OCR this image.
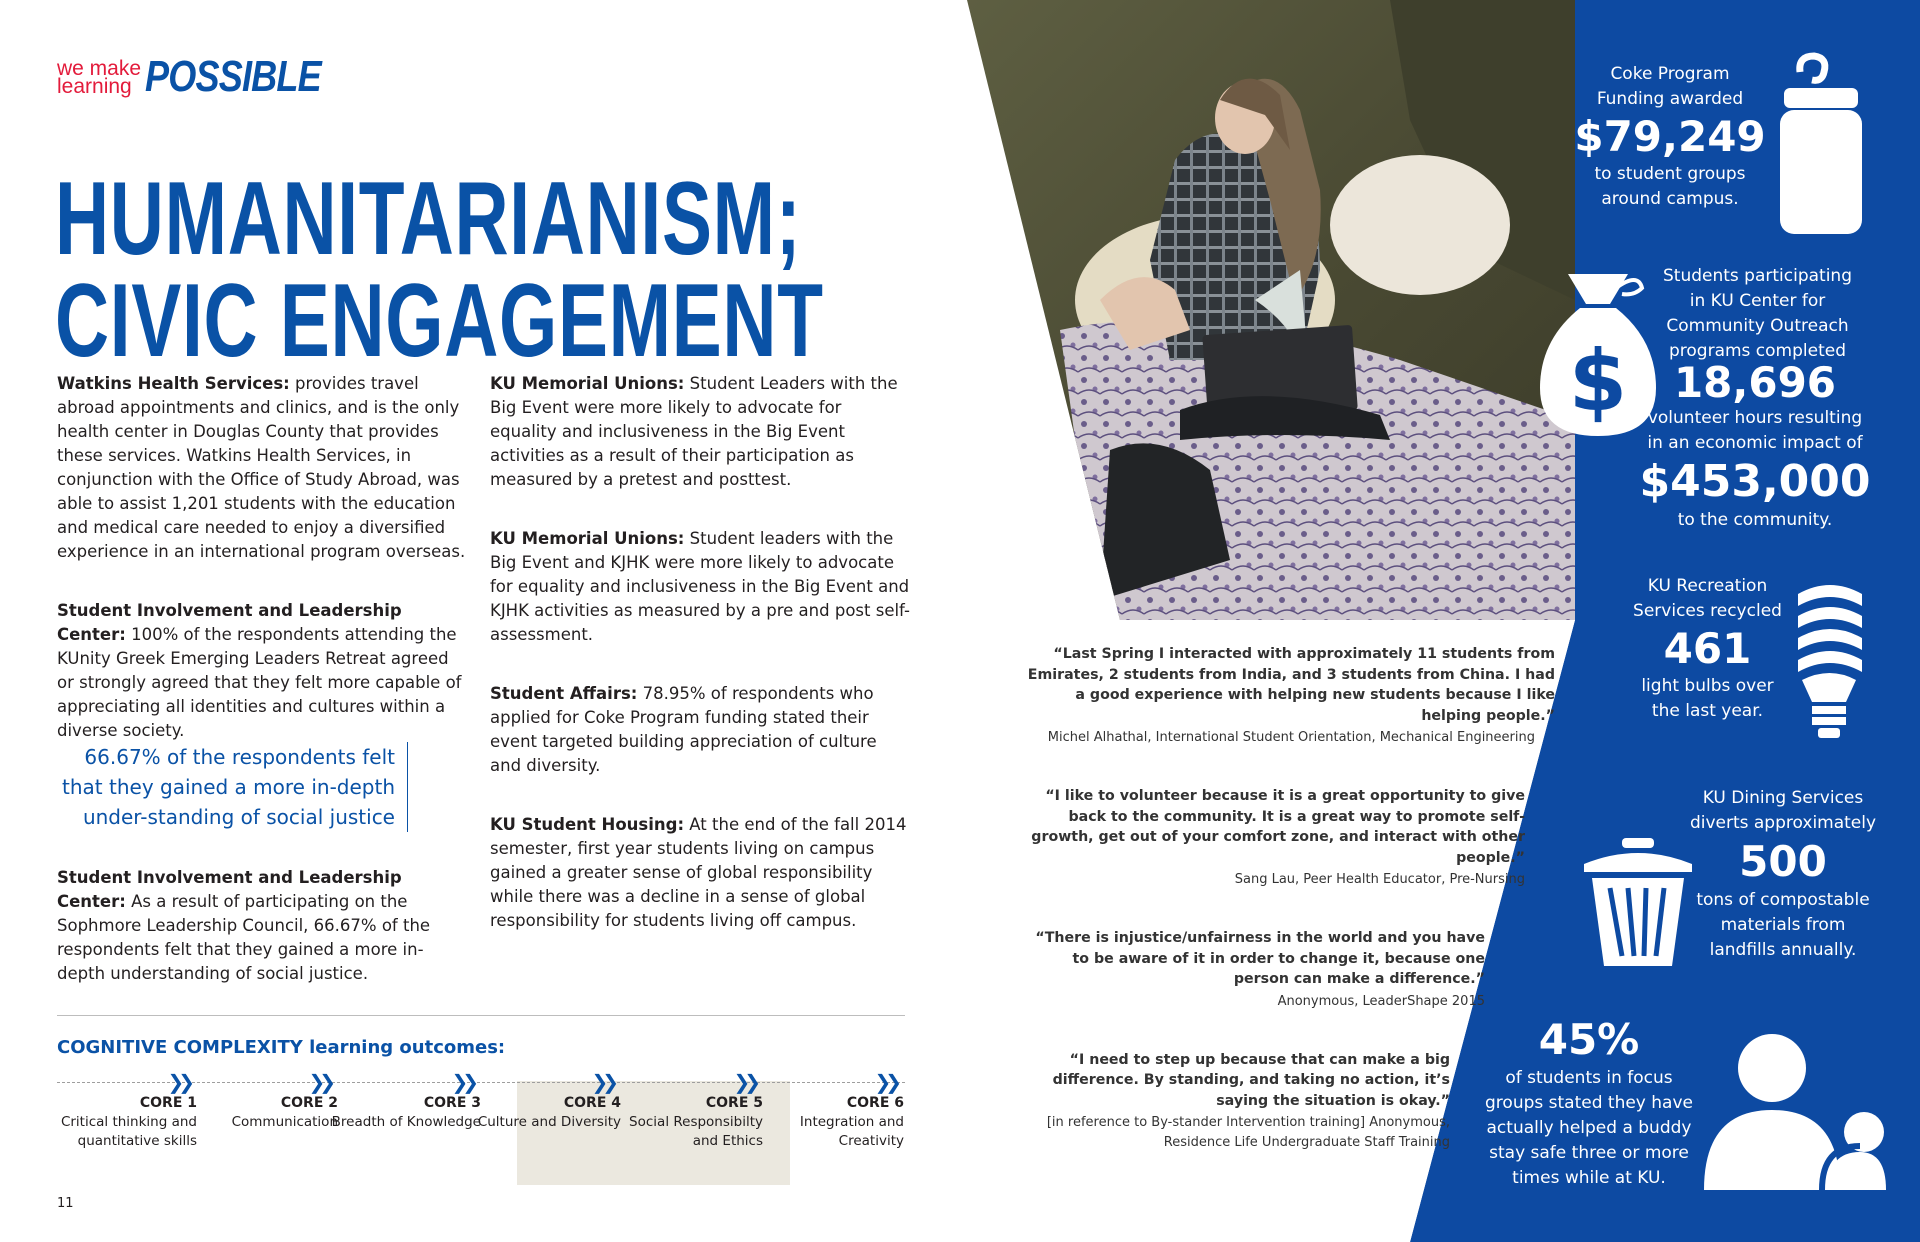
we make
learning POSSIBLE
HUMANITARIANISM;
CIVIC ENGAGEMENT

Watkins Health Services: provides travel abroad appointments and clinics, and is the only health center in Douglas County that provides these services. Watkins Health Services, in conjunction with the Office of Study Abroad, was able to assist 1,201 students with the education and medical care needed to enjoy a diversified experience in an international program overseas.

Student Involvement and Leadership Center: 100% of the respondents attending the KUnity Greek Emerging Leaders Retreat agreed or strongly agreed that they felt more capable of appreciating all identities and cultures within a diverse society.

66.67% of the respondents felt that they gained a more in-depth under-standing of social justice

Student Involvement and Leadership Center: As a result of participating on the Sophmore Leadership Council, 66.67% of the respondents felt that they gained a more in-depth understanding of social justice.

KU Memorial Unions: Student Leaders with the Big Event were more likely to advocate for equality and inclusiveness in the Big Event activities as a result of their participation as measured by a pretest and posttest.

KU Memorial Unions: Student leaders with the Big Event and KJHK were more likely to advocate for equality and inclusiveness in the Big Event and KJHK activities as measured by a pre and post self-assessment.

Student Affairs: 78.95% of respondents who applied for Coke Program funding stated their event targeted building appreciation of culture and diversity.

KU Student Housing: At the end of the fall 2014 semester, first year students living on campus gained a greater sense of global responsibility while there was a decline in a sense of global responsibility for students living off campus.

COGNITIVE COMPLEXITY learning outcomes:
❯❯
CORE 1
Critical thinking and quantitative skills
❯❯
CORE 2
Communication
❯❯
CORE 3
Breadth of Knowledge
❯❯
CORE 4
Culture and Diversity
❯❯
CORE 5
Social Responsibilty and Ethics
❯❯
CORE 6
Integration and Creativity
11
“Last Spring I interacted with approximately 11 students from Emirates, 2 students from India, and 3 students from China. I had a good experience with helping new students because I like helping people.”
Michel Alhathal, International Student Orientation, Mechanical Engineering
“I like to volunteer because it is a great opportunity to give back to the community. It is a great way to promote self-growth, get out of your comfort zone, and interact with other people.”
Sang Lau, Peer Health Educator, Pre-Nursing
“There is injustice/unfairness in the world and you have to be aware of it in order to change it, because one person can make a difference.”
Anonymous, LeaderShape 2015
“I need to step up because that can make a big difference. By standing, and taking no action, it’s saying the situation is okay.”
[in reference to By-stander Intervention training] Anonymous, Residence Life Undergraduate Staff Training
Coke Program
Funding awarded
$79,249
to student groups
around campus.
$
Students participating
in KU Center for
Community Outreach
programs completed
18,696
volunteer hours resulting
in an economic impact of
$453,000
to the community.
KU Recreation
Services recycled
461
light bulbs over
the last year.
KU Dining Services
diverts approximately
500
tons of compostable
materials from
landfills annually.
45%
of students in focus
groups stated they have
actually helped a buddy
stay safe three or more
times while at KU.
